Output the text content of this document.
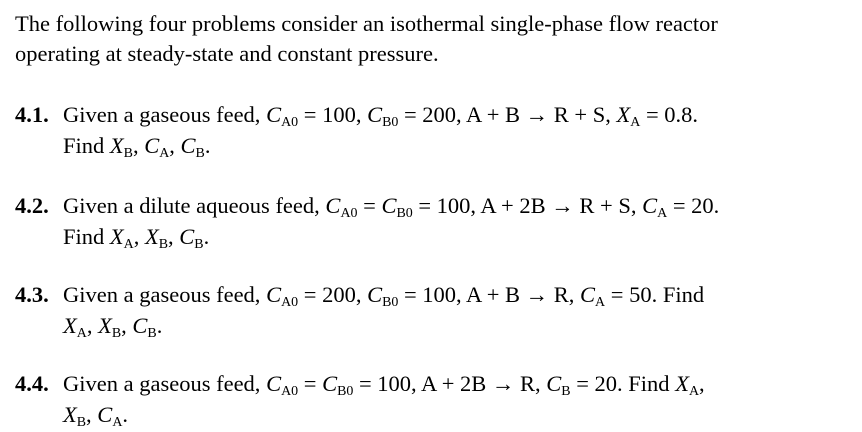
The following four problems consider an isothermal single-phase flow reactor
operating at steady-state and constant pressure.

4.1. Given a gaseous feed, $C_{A0} = 100$, $C_{B0} = 200$, A + B → R + S, $X_A = 0.8$.
Find $X_B$, $C_A$, $C_B$.
4.2. Given a dilute aqueous feed, $C_{A0} = C_{B0} = 100$, A + 2B → R + S, $C_A = 20$.
Find $X_A$, $X_B$, $C_B$.
4.3. Given a gaseous feed, $C_{A0} = 200$, $C_{B0} = 100$, A + B → R, $C_A = 50$. Find
$X_A$, $X_B$, $C_B$.
4.4. Given a gaseous feed, $C_{A0} = C_{B0} = 100$, A + 2B → R, $C_B = 20$. Find $X_A$,
$X_B$, $C_A$.
